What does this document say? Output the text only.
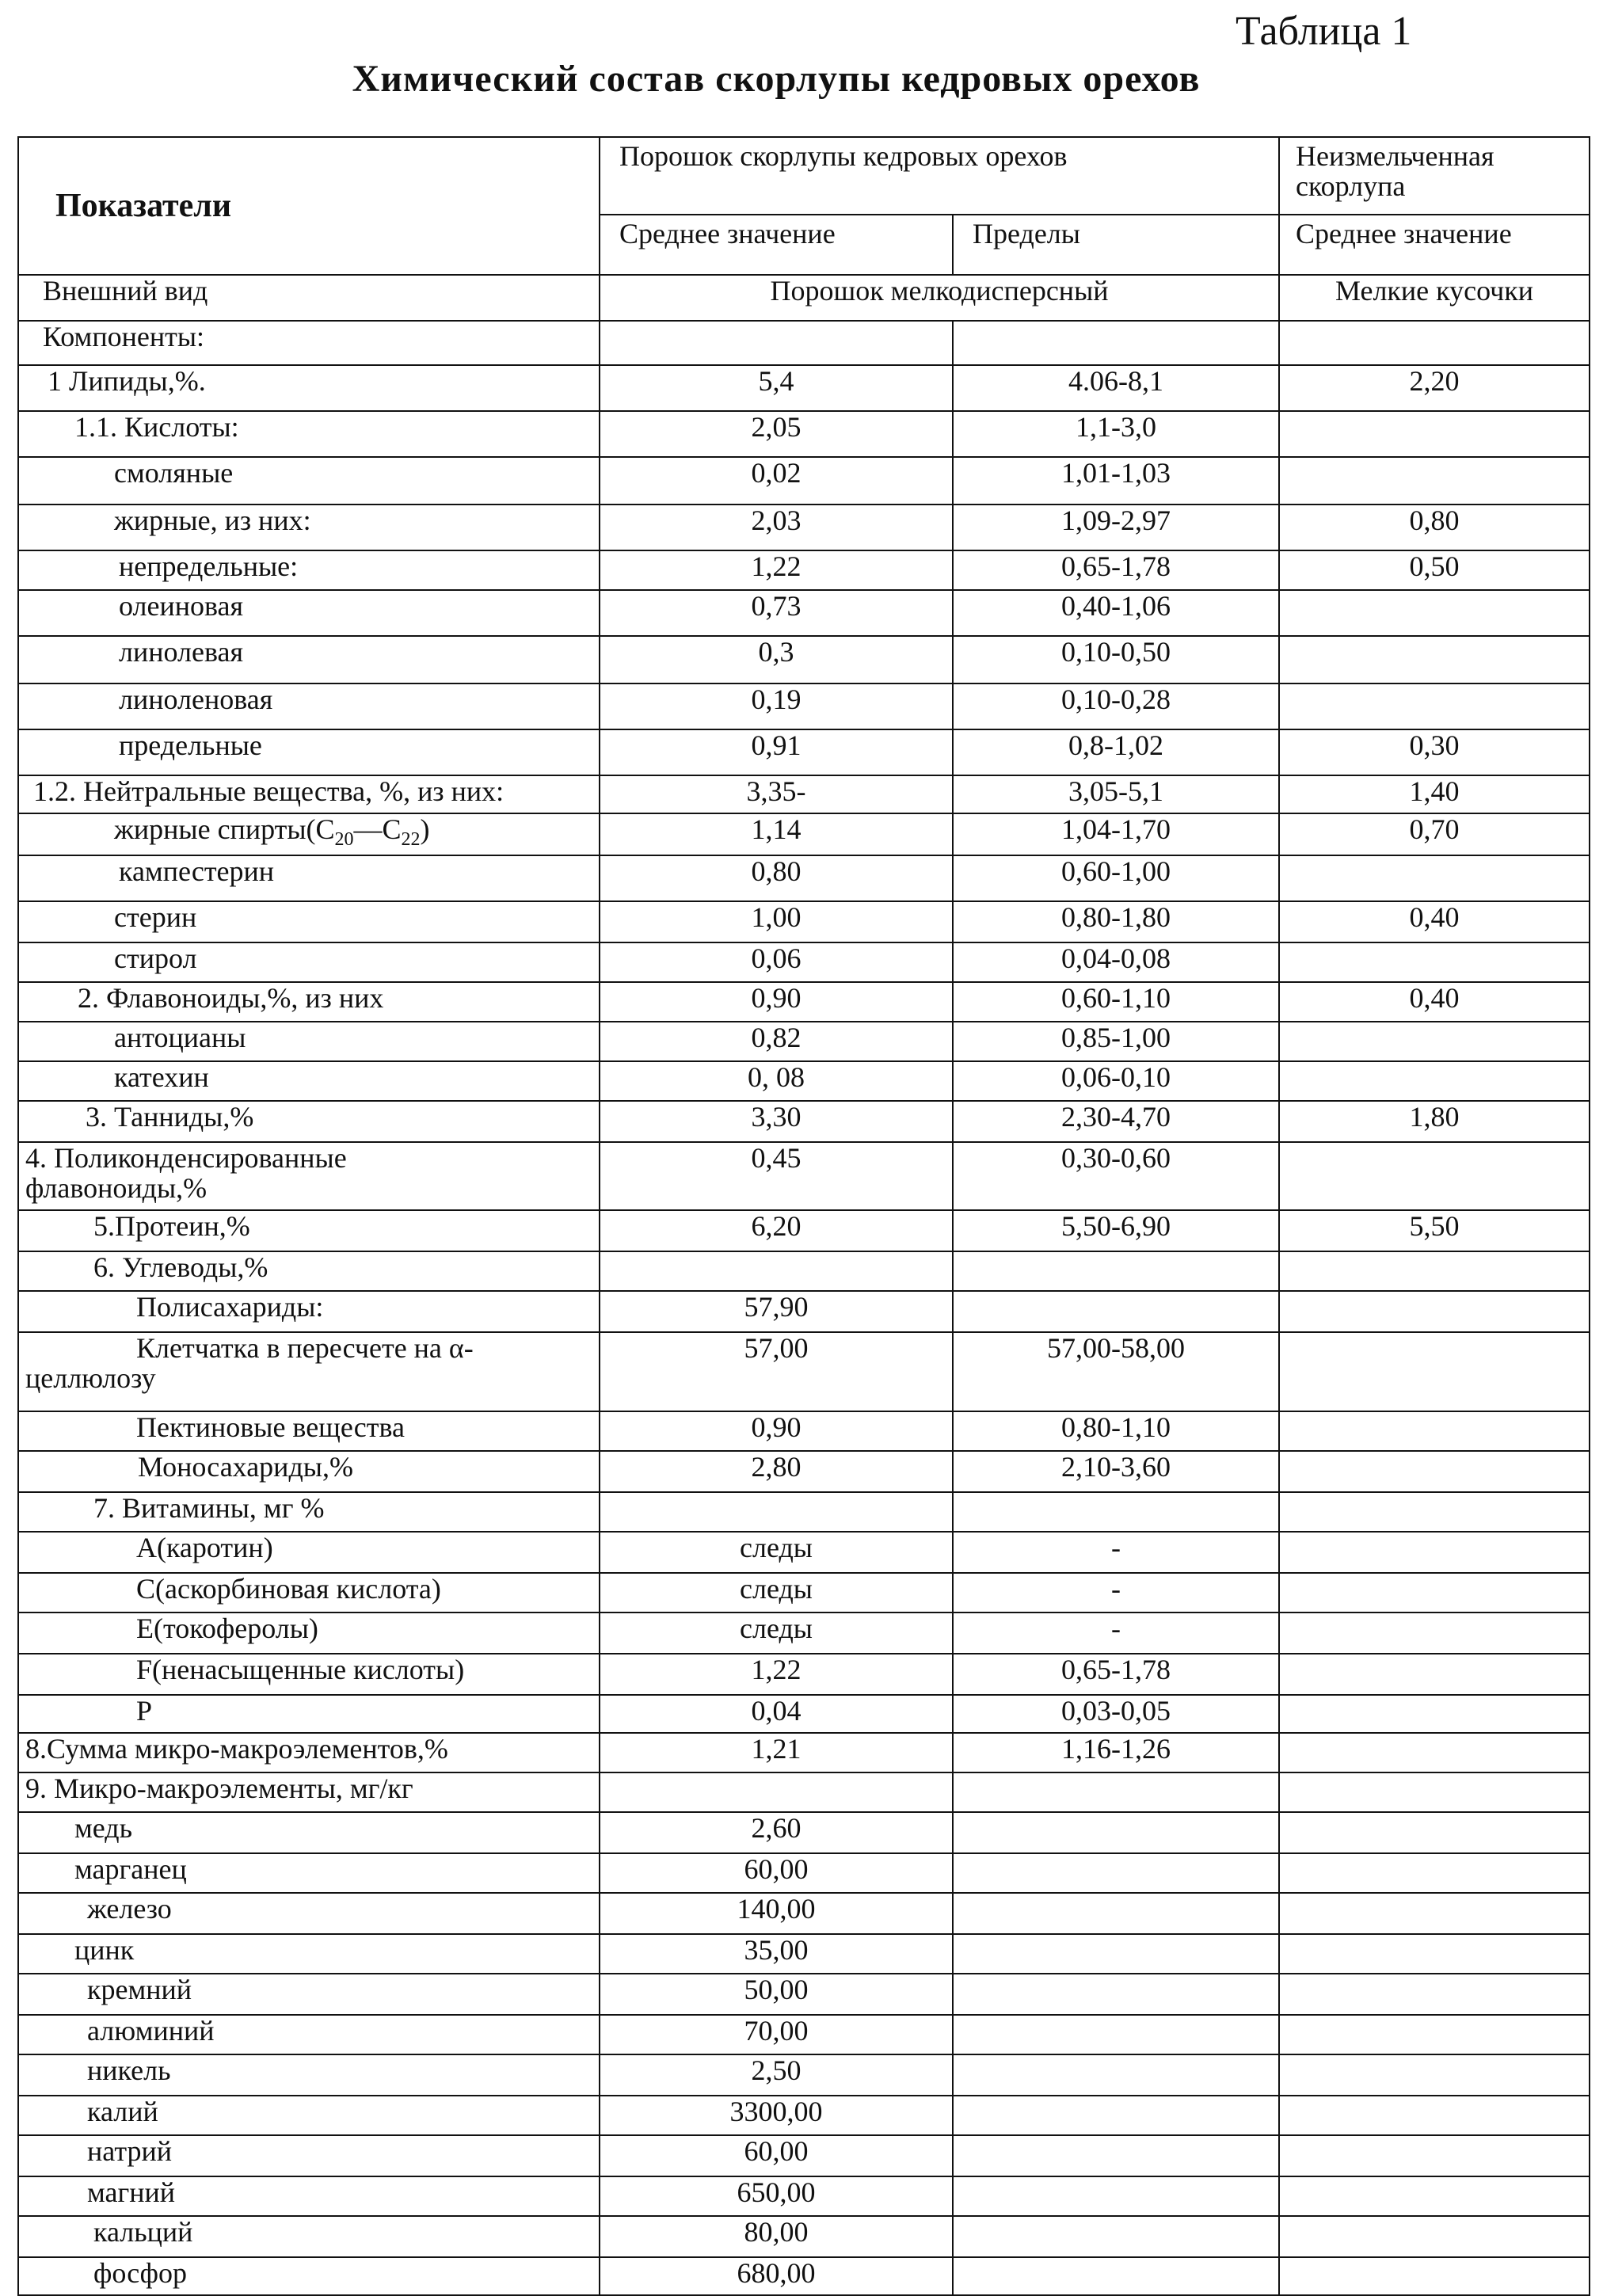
Таблица 1
Химический состав скорлупы кедровых орехов
Показатели	Порошок скорлупы кедровых орехов		Неизмельченная скорлупа
	Среднее значение	Пределы	Среднее значение
Внешний вид	Порошок мелкодисперсный		Мелкие кусочки
Компоненты:			
1 Липиды,%.	5,4	4.06-8,1	2,20
1.1. Кислоты:	2,05	1,1-3,0	
смоляные	0,02	1,01-1,03	
жирные, из них:	2,03	1,09-2,97	0,80
непредельные:	1,22	0,65-1,78	0,50
олеиновая	0,73	0,40-1,06	
линолевая	0,3	0,10-0,50	
линоленовая	0,19	0,10-0,28	
предельные	0,91	0,8-1,02	0,30
1.2. Нейтральные вещества, %, из них:	3,35-	3,05-5,1	1,40
жирные $спирты(C_{20}—C_{22})$	1,14	1,04-1,70	0,70
кампестерин	0,80	0,60-1,00	
стерин	1,00	0,80-1,80	0,40
стирол	0,06	0,04-0,08	
2. Флавоноиды,%, из них	0,90	0,60-1,10	0,40
антоцианы	0,82	0,85-1,00	
катехин	0, 08	0,06-0,10	
3. Танниды,%	3,30	2,30-4,70	1,80

4. Поликонденсированные
флавоноиды,%	0,45	0,30-0,60	
5.Протеин,%	6,20	5,50-6,90	5,50
6. Углеводы,%			
Полисахариды:	57,90		

Клетчатка в пересчете на α-
целлюлозу	57,00	57,00-58,00	
Пектиновые вещества	0,90	0,80-1,10	
Моносахариды,%	2,80	2,10-3,60	
7. Витамины, мг %			
А(каротин)	следы	-	
С(аскорбиновая кислота)	следы	-	
Е(токоферолы)	следы	-	
F(ненасыщенные кислоты)	1,22	0,65-1,78	
Р	0,04	0,03-0,05	
8.Сумма микро-макроэлементов,%	1,21	1,16-1,26	
9. Микро-макроэлементы, мг/кг			
медь	2,60		
марганец	60,00		
железо	140,00		
цинк	35,00		
кремний	50,00		
алюминий	70,00		
никель	2,50		
калий	3300,00		
натрий	60,00		
магний	650,00		
кальций	80,00		
фосфор	680,00		
